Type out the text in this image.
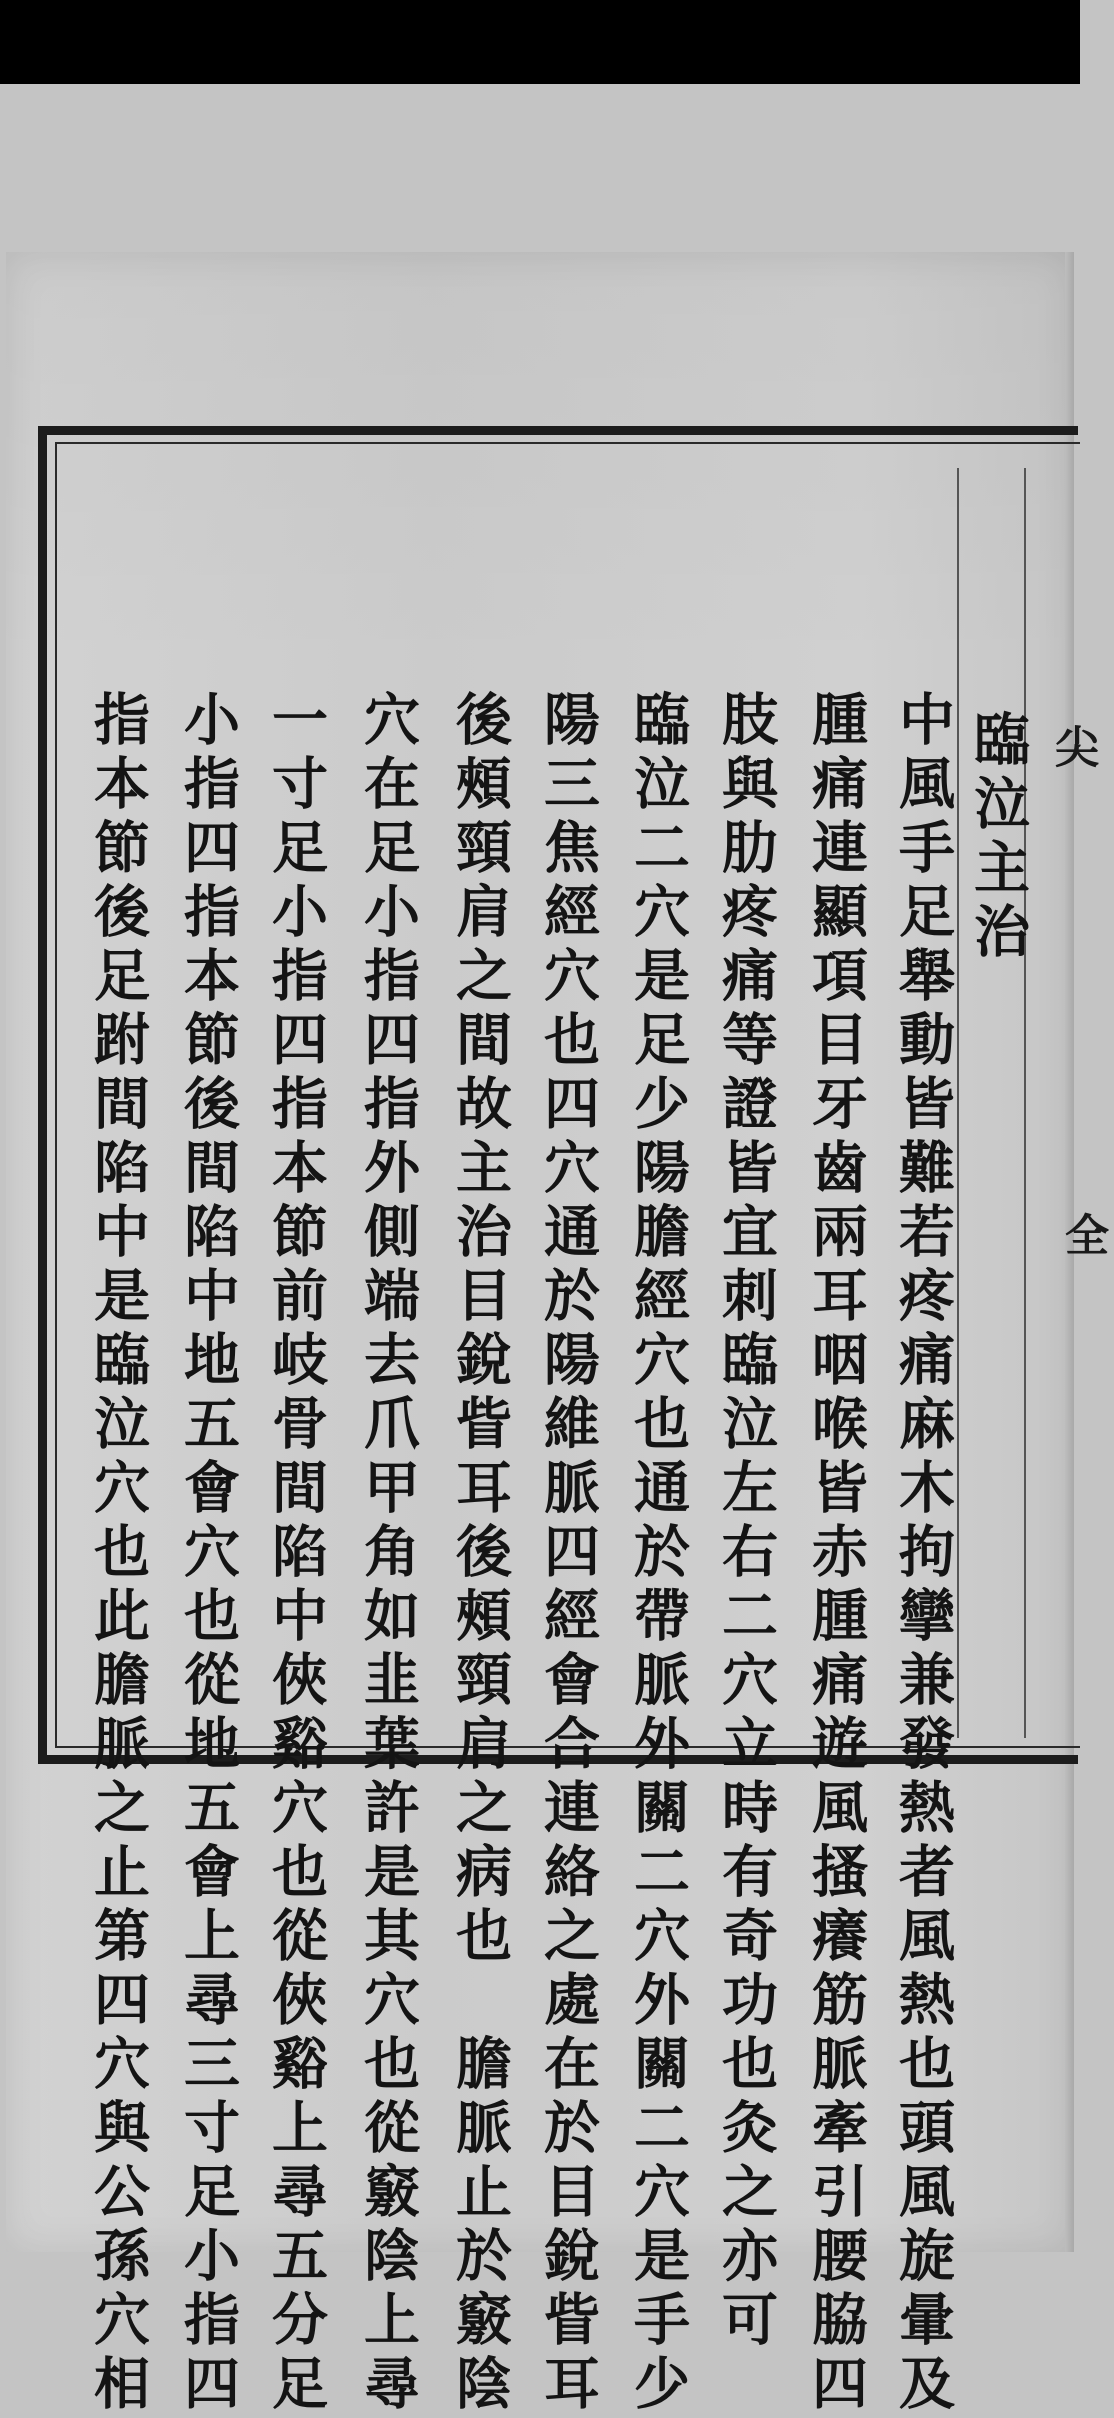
尖
全
臨泣主治
中風手足舉動皆難若疼痛麻木拘攣兼發熱者風熱也頭風旋暈及
腫痛連顯項目牙齒兩耳咽喉皆赤腫痛遊風搔癢筋脈牽引腰脇四
肢與肋疼痛等證皆宜刺臨泣左右二穴立時有奇功也灸之亦可
臨泣二穴是足少陽膽經穴也通於帶脈外關二穴外關二穴是手少
陽三焦經穴也四穴通於陽維脈四經會合連絡之處在於目銳眥耳
後頰頸肩之間故主治目銳眥耳後頰頸肩之病也　膽脈止於竅陰
穴在足小指四指外側端去爪甲角如韭葉許是其穴也從竅陰上尋
一寸足小指四指本節前岐骨間陷中俠谿穴也從俠谿上尋五分足
小指四指本節後間陷中地五會穴也從地五會上尋三寸足小指四
指本節後足跗間陷中是臨泣穴也此膽脈之止第四穴與公孫穴相
